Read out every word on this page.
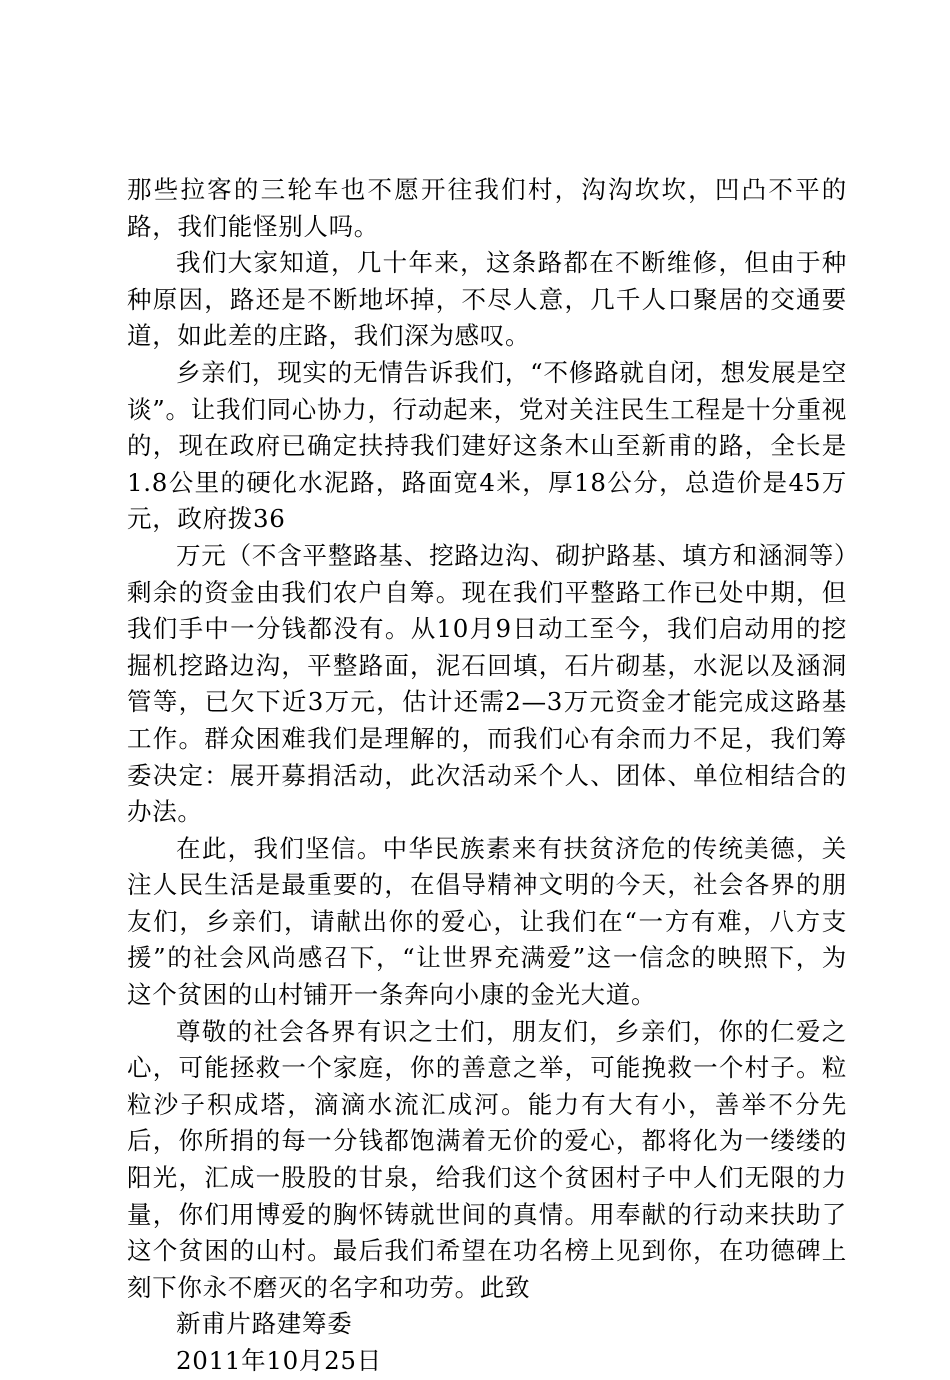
那些拉客的三轮车也不愿开往我们村，沟沟坎坎，凹凸不平的路，我们能怪别人吗。

我们大家知道，几十年来，这条路都在不断维修，但由于种种原因，路还是不断地坏掉，不尽人意，几千人口聚居的交通要道，如此差的庄路，我们深为感叹。

乡亲们，现实的无情告诉我们，“不修路就自闭，想发展是空谈”。让我们同心协力，行动起来，党对关注民生工程是十分重视的，现在政府已确定扶持我们建好这条木山至新甫的路，全长是1.8公里的硬化水泥路，路面宽4米，厚18公分，总造价是45万元，政府拨36

万元（不含平整路基、挖路边沟、砌护路基、填方和涵洞等）剩余的资金由我们农户自筹。现在我们平整路工作已处中期，但我们手中一分钱都没有。从10月9日动工至今，我们启动用的挖掘机挖路边沟，平整路面，泥石回填，石片砌基，水泥以及涵洞管等，已欠下近3万元，估计还需2—3万元资金才能完成这路基工作。群众困难我们是理解的，而我们心有余而力不足，我们筹委决定：展开募捐活动，此次活动采个人、团体、单位相结合的办法。

在此，我们坚信。中华民族素来有扶贫济危的传统美德，关注人民生活是最重要的，在倡导精神文明的今天，社会各界的朋友们，乡亲们，请献出你的爱心，让我们在“一方有难，八方支援”的社会风尚感召下，“让世界充满爱”这一信念的映照下，为这个贫困的山村铺开一条奔向小康的金光大道。

尊敬的社会各界有识之士们，朋友们，乡亲们，你的仁爱之心，可能拯救一个家庭，你的善意之举，可能挽救一个村子。粒粒沙子积成塔，滴滴水流汇成河。能力有大有小，善举不分先后，你所捐的每一分钱都饱满着无价的爱心，都将化为一缕缕的阳光，汇成一股股的甘泉，给我们这个贫困村子中人们无限的力量，你们用博爱的胸怀铸就世间的真情。用奉献的行动来扶助了这个贫困的山村。最后我们希望在功名榜上见到你，在功德碑上刻下你永不磨灭的名字和功劳。此致

新甫片路建筹委

2011年10月25日
